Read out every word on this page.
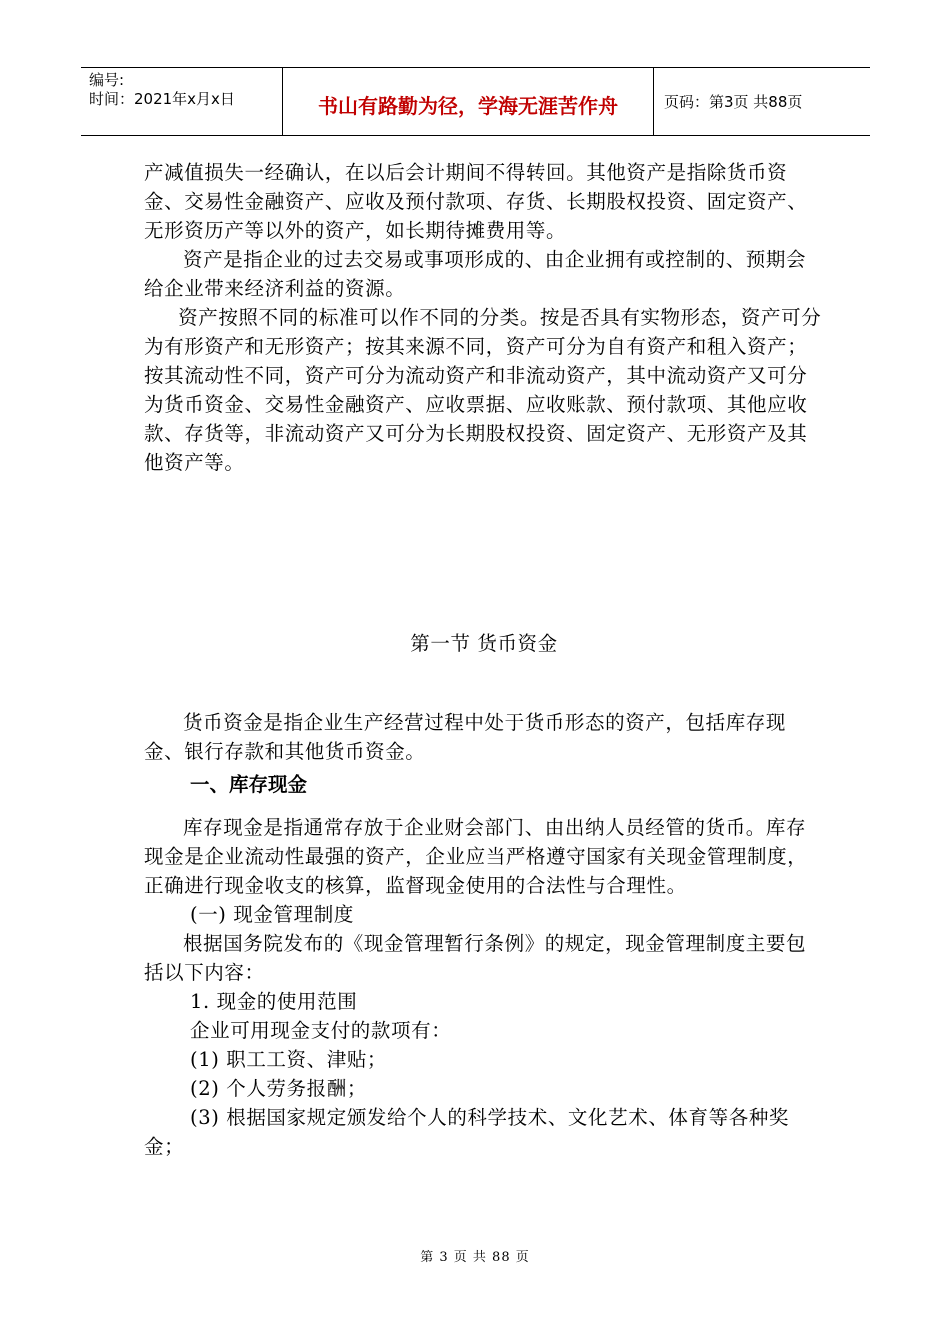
编号:
时间：2021年x月x日	书山有路勤为径，学海无涯苦作舟	页码：第3页 共88页

产减值损失一经确认，在以后会计期间不得转回。其他资产是指除货币资金、交易性金融资产、应收及预付款项、存货、长期股权投资、固定资产、无形资历产等以外的资产，如长期待摊费用等。

资产是指企业的过去交易或事项形成的、由企业拥有或控制的、预期会给企业带来经济利益的资源。

资产按照不同的标准可以作不同的分类。按是否具有实物形态，资产可分为有形资产和无形资产；按其来源不同，资产可分为自有资产和租入资产；按其流动性不同，资产可分为流动资产和非流动资产，其中流动资产又可分为货币资金、交易性金融资产、应收票据、应收账款、预付款项、其他应收款、存货等，非流动资产又可分为长期股权投资、固定资产、无形资产及其他资产等。

第一节 货币资金

货币资金是指企业生产经营过程中处于货币形态的资产，包括库存现金、银行存款和其他货币资金。

一、库存现金

库存现金是指通常存放于企业财会部门、由出纳人员经管的货币。库存现金是企业流动性最强的资产，企业应当严格遵守国家有关现金管理制度，正确进行现金收支的核算，监督现金使用的合法性与合理性。

(一) 现金管理制度

根据国务院发布的《现金管理暂行条例》的规定，现金管理制度主要包括以下内容：

1. 现金的使用范围

企业可用现金支付的款项有：

(1) 职工工资、津贴；

(2) 个人劳务报酬；

(3) 根据国家规定颁发给个人的科学技术、文化艺术、体育等各种奖金；

第 3 页 共 88 页
